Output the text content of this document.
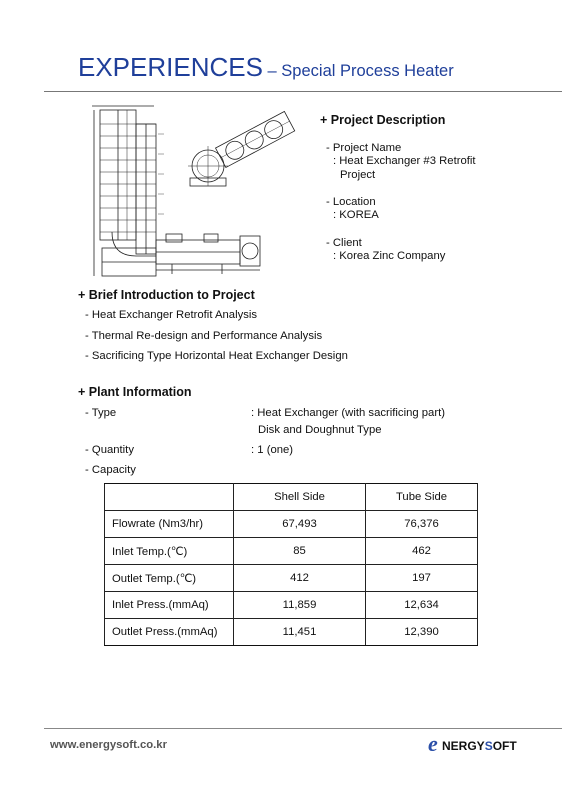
EXPERIENCES – Special Process Heater
+ Project Description
- Project Name
: Heat Exchanger #3 Retrofit
Project
- Location
: KOREA
- Client
: Korea Zinc Company
+ Brief Introduction to Project
- Heat Exchanger Retrofit Analysis
- Thermal Re-design and Performance Analysis
- Sacrificing Type Horizontal Heat Exchanger Design
+ Plant Information
- Type	: Heat Exchanger (with sacrificing part)
Disk and Doughnut Type
- Quantity	: 1 (one)
- Capacity
	Shell Side	Tube Side
Flowrate (Nm3/hr)	67,493	76,376
Inlet Temp.(℃)	85	462
Outlet Temp.(℃)	412	197
Inlet Press.(mmAq)	11,859	12,634
Outlet Press.(mmAq)	11,451	12,390
www.energysoft.co.kr	e NERGYSOFT
